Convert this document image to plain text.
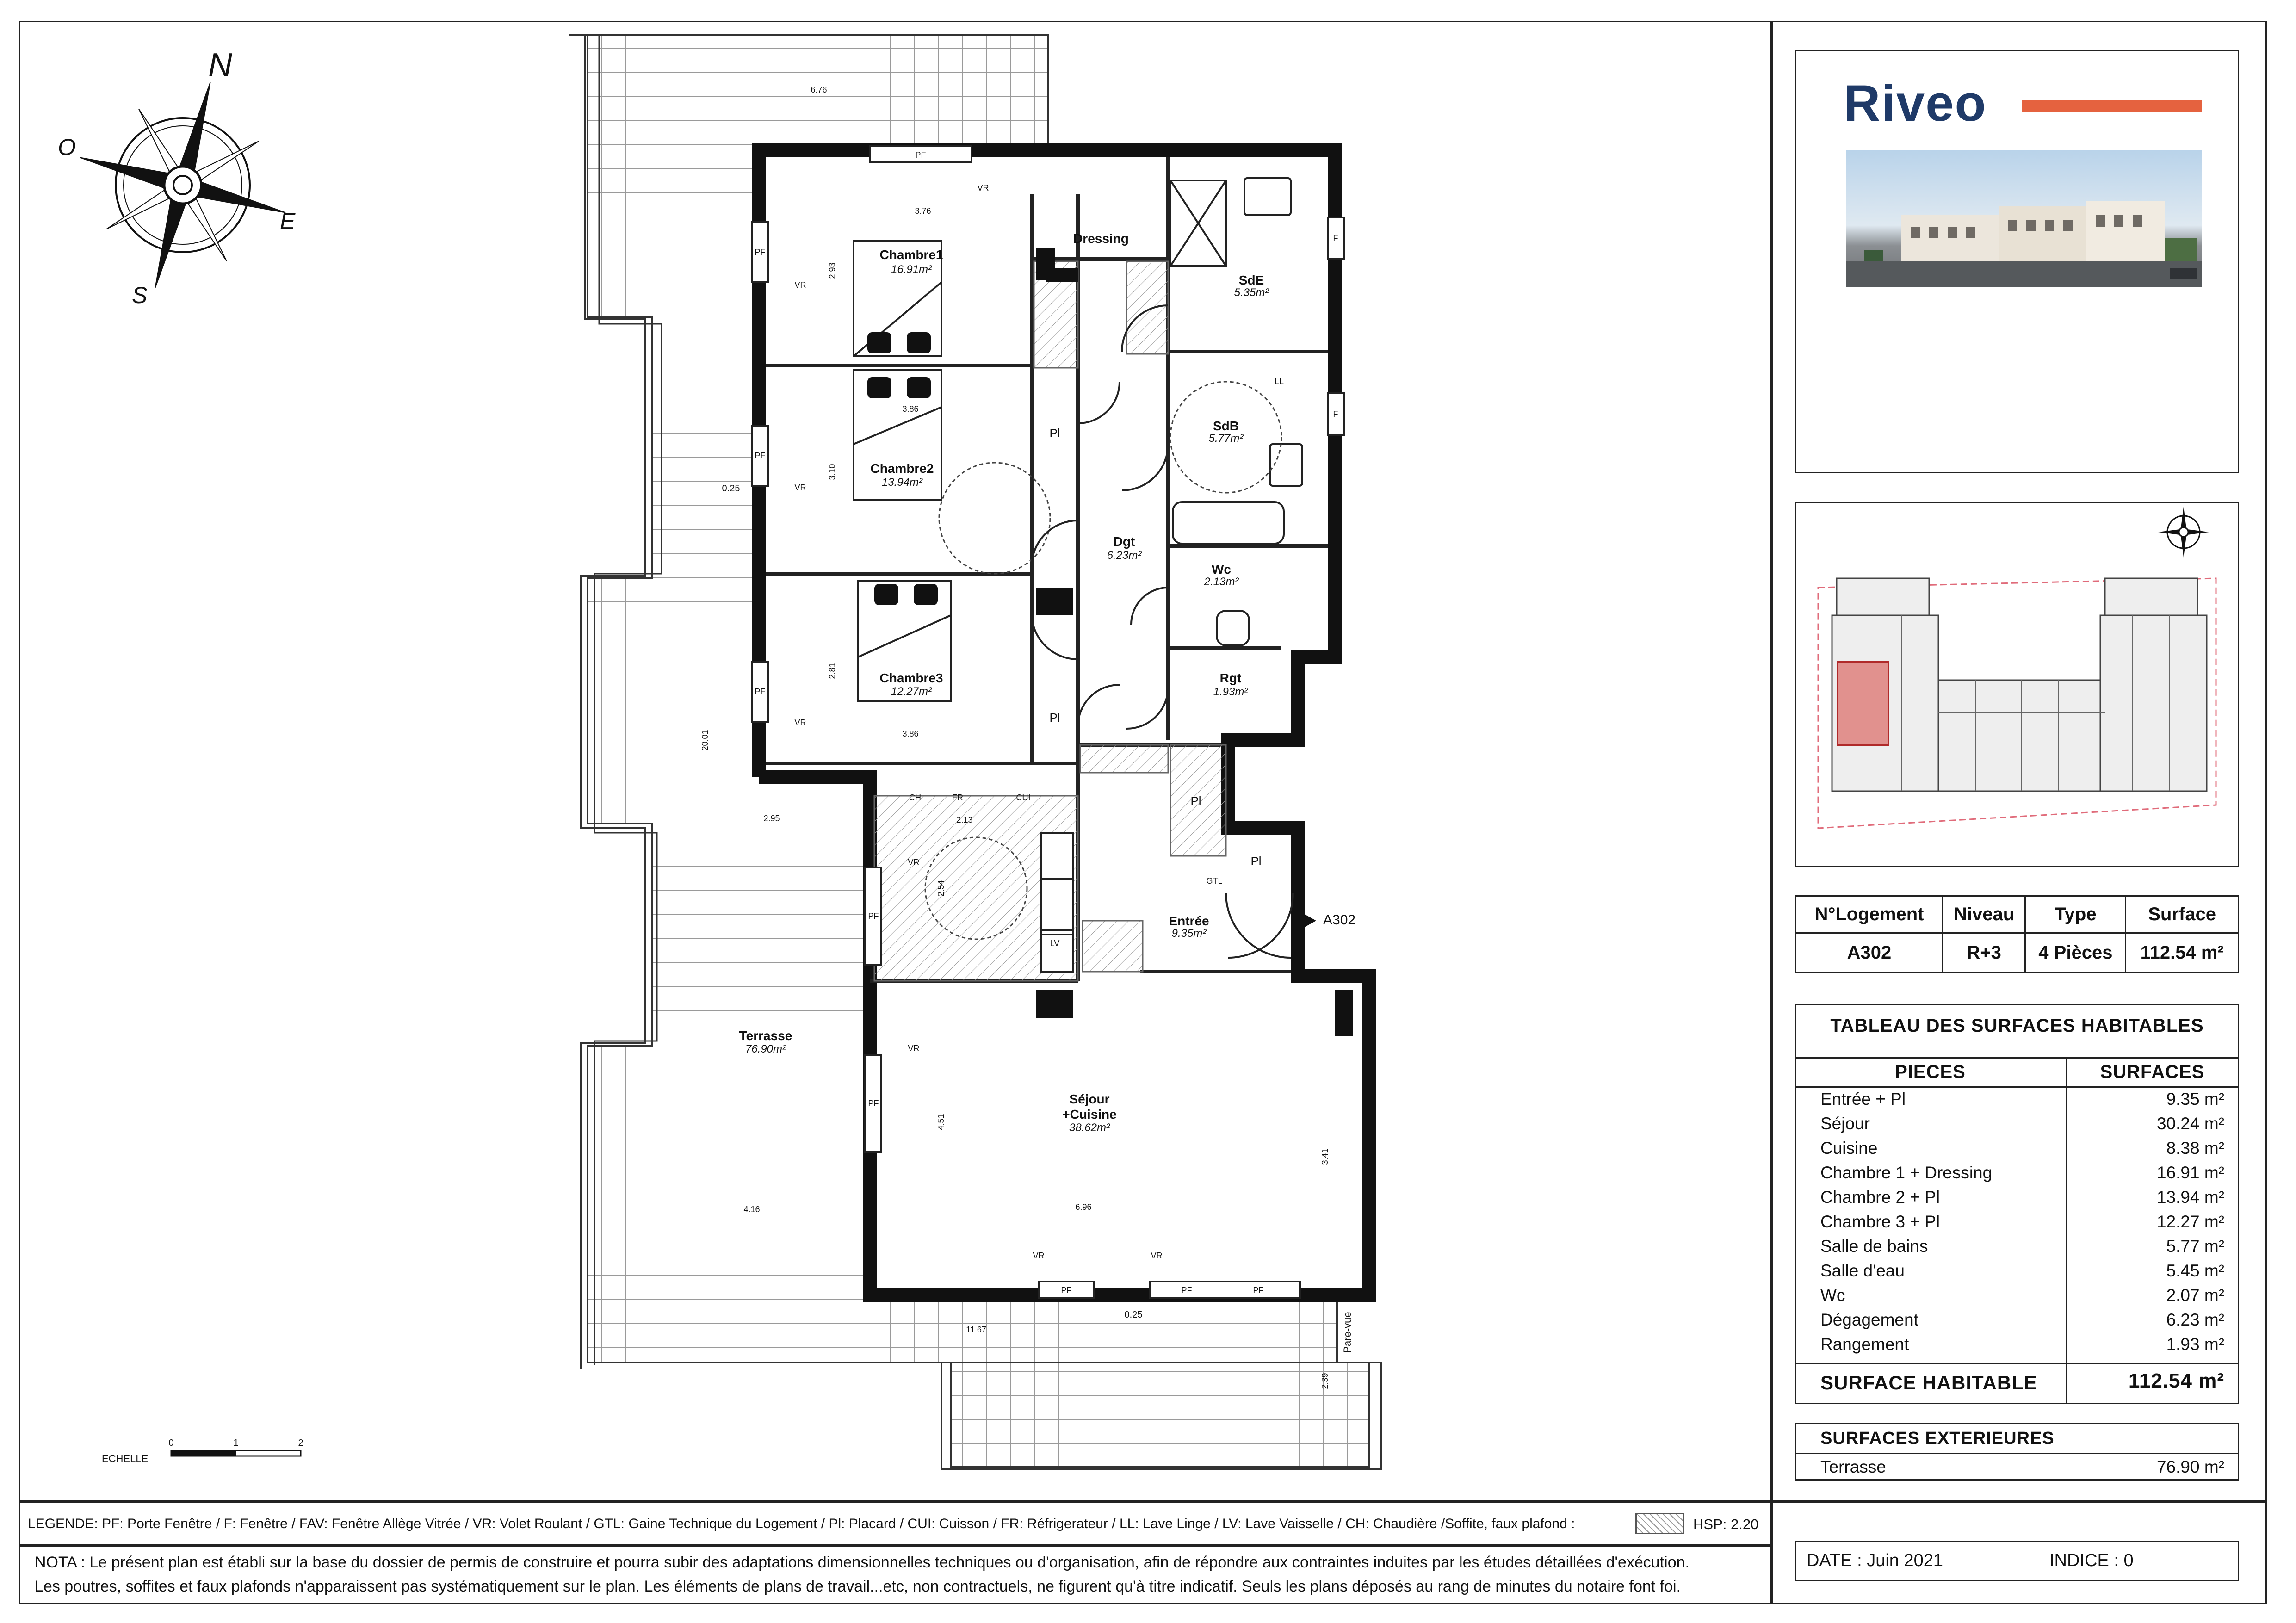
PF
PF
PF
PF
PF
PF
PF	PF	PF
F
F
VR
VR
VR
VR
VR
VR
VR	VR
LL
LV
CH	FR	CUI
GTL
Pl
Pl
Pl
Pl
A302
Pare-vue
0.25
0.25
Chambre1
Chambre2
Chambre3
Dressing
SdE
SdB
Dgt
Wc
Rgt
Entrée
Séjour
+Cuisine
Terrasse
16.91m²
13.94m²
12.27m²
5.35m²
5.77m²
6.23m²
2.13m²
1.93m²
9.35m²
38.62m²
76.90m²
6.76
3.76
2.93
3.86
3.10
2.81
3.86
20.01
2.95	2.13
2.54
4.51
4.16	6.96
3.41
11.67
2.39
N
O
E
S
ECHELLE
0	1	2
Riveo
N°Logement	Niveau	Type	Surface
A302	R+3	4 Pièces	112.54 m²
TABLEAU DES SURFACES HABITABLES
PIECES	SURFACES
Entrée + Pl	9.35 m²
Séjour	30.24 m²
Cuisine	8.38 m²
Chambre 1 + Dressing	16.91 m²
Chambre 2 + Pl	13.94 m²
Chambre 3 + Pl	12.27 m²
Salle de bains	5.77 m²
Salle d'eau	5.45 m²
Wc	2.07 m²
Dégagement	6.23 m²
Rangement	1.93 m²
SURFACE HABITABLE	112.54 m²
SURFACES EXTERIEURES
Terrasse	76.90 m²
LEGENDE: PF: Porte Fenêtre / F: Fenêtre / FAV: Fenêtre Allège Vitrée / VR: Volet Roulant / GTL: Gaine Technique du Logement / Pl: Placard / CUI: Cuisson / FR: Réfrigerateur / LL: Lave Linge / LV: Lave Vaisselle / CH: Chaudière /Soffite, faux plafond :	HSP: 2.20
NOTA : Le présent plan est établi sur la base du dossier de permis de construire et pourra subir des adaptations dimensionnelles techniques ou d'organisation, afin de répondre aux contraintes induites par les études détaillées d'exécution.
Les poutres, soffites et faux plafonds n'apparaissent pas systématiquement sur le plan. Les éléments de plans de travail...etc, non contractuels, ne figurent qu'à titre indicatif. Seuls les plans déposés au rang de minutes du notaire font foi.
DATE : Juin 2021	INDICE : 0
